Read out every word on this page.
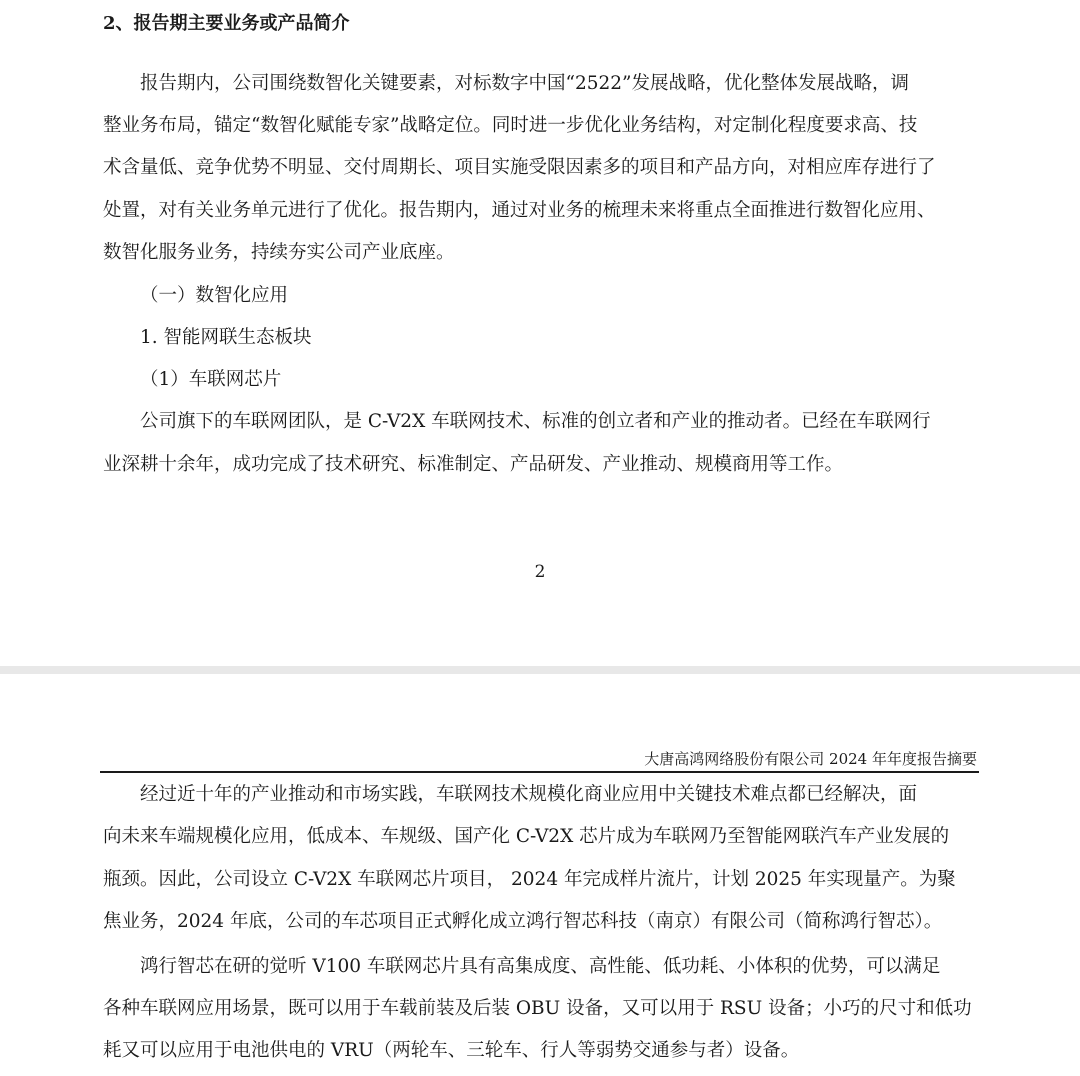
2、报告期主要业务或产品简介
报告期内，公司围绕数智化关键要素，对标数字中国“2522”发展战略，优化整体发展战略，调
整业务布局，锚定“数智化赋能专家”战略定位。同时进一步优化业务结构，对定制化程度要求高、技
术含量低、竞争优势不明显、交付周期长、项目实施受限因素多的项目和产品方向，对相应库存进行了
处置，对有关业务单元进行了优化。报告期内，通过对业务的梳理未来将重点全面推进行数智化应用、
数智化服务业务，持续夯实公司产业底座。
（一）数智化应用
1. 智能网联生态板块
（1）车联网芯片
公司旗下的车联网团队，是 C-V2X 车联网技术、标准的创立者和产业的推动者。已经在车联网行
业深耕十余年，成功完成了技术研究、标准制定、产品研发、产业推动、规模商用等工作。
2
大唐高鸿网络股份有限公司 2024 年年度报告摘要
经过近十年的产业推动和市场实践，车联网技术规模化商业应用中关键技术难点都已经解决，面
向未来车端规模化应用，低成本、车规级、国产化 C-V2X 芯片成为车联网乃至智能网联汽车产业发展的
瓶颈。因此，公司设立 C-V2X 车联网芯片项目， 2024 年完成样片流片，计划 2025 年实现量产。为聚
焦业务，2024 年底，公司的车芯项目正式孵化成立鸿行智芯科技（南京）有限公司（简称鸿行智芯）。
鸿行智芯在研的觉听 V100 车联网芯片具有高集成度、高性能、低功耗、小体积的优势，可以满足
各种车联网应用场景，既可以用于车载前装及后装 OBU 设备，又可以用于 RSU 设备；小巧的尺寸和低功
耗又可以应用于电池供电的 VRU（两轮车、三轮车、行人等弱势交通参与者）设备。
